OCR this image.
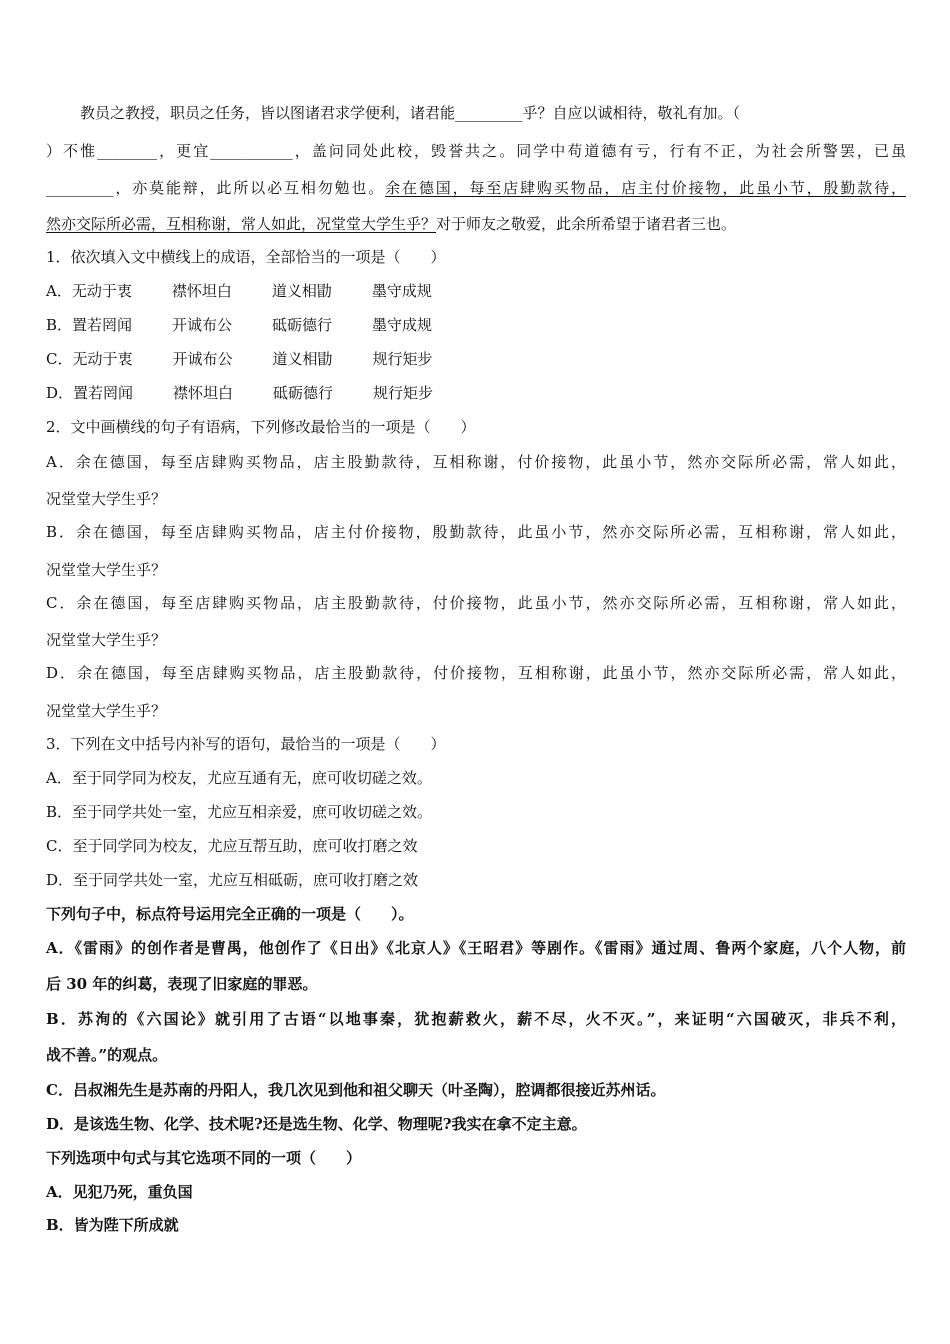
教员之教授，职员之任务，皆以图诸君求学便利，诸君能_________乎？自应以诚相待，敬礼有加。（
）不惟________，更宜___________，盖问同处此校，毁誉共之。同学中苟道德有亏，行有不正，为社会所警罢，已虽
_________，亦莫能辩，此所以必互相勿勉也。余在德国，每至店肆购买物品，店主付价接物，此虽小节，殷勤款待，
然亦交际所必需，互相称谢，常人如此，况堂堂大学生乎？对于师友之敬爱，此余所希望于诸君者三也。
1．依次填入文中横线上的成语，全部恰当的一项是（　　）
A．无动于衷	襟怀坦白	道义相勖	墨守成规
B．置若罔闻	开诚布公	砥砺德行	墨守成规
C．无动于衷	开诚布公	道义相勖	规行矩步
D．置若罔闻	襟怀坦白	砥砺德行	规行矩步
2．文中画横线的句子有语病，下列修改最恰当的一项是（　　）
A．余在德国，每至店肆购买物品，店主股勤款待，互相称谢，付价接物，此虽小节，然亦交际所必需，常人如此，
况堂堂大学生乎？
B．余在德国，每至店肆购买物品，店主付价接物，殷勤款待，此虽小节，然亦交际所必需，互相称谢，常人如此，
况堂堂大学生乎？
C．余在德国，每至店肆购买物品，店主股勤款待，付价接物，此虽小节，然亦交际所必需，互相称谢，常人如此，
况堂堂大学生乎？
D．余在德国，每至店肆购买物品，店主股勤款待，付价接物，互相称谢，此虽小节，然亦交际所必需，常人如此，
况堂堂大学生乎？
3．下列在文中括号内补写的语句，最恰当的一项是（　　）
A．至于同学同为校友，尤应互通有无，庶可收切磋之效。
B．至于同学共处一室，尤应互相亲爱，庶可收切磋之效。
C．至于同学同为校友，尤应互帮互助，庶可收打磨之效
D．至于同学共处一室，尤应互相砥砺，庶可收打磨之效
下列句子中，标点符号运用完全正确的一项是（　　）。
A．《雷雨》的创作者是曹禺，他创作了《日出》《北京人》《王昭君》等剧作。《雷雨》通过周、鲁两个家庭，八个人物，前
后 30 年的纠葛，表现了旧家庭的罪恶。
B．苏洵的《六国论》就引用了古语“以地事秦，犹抱薪救火，薪不尽，火不灭。”，来证明“六国破灭，非兵不利，
战不善。”的观点。
C．吕叔湘先生是苏南的丹阳人，我几次见到他和祖父聊天（叶圣陶），腔调都很接近苏州话。
D．是该选生物、化学、技术呢?还是选生物、化学、物理呢?我实在拿不定主意。
下列选项中句式与其它选项不同的一项（　　）
A．见犯乃死，重负国
B．皆为陛下所成就
